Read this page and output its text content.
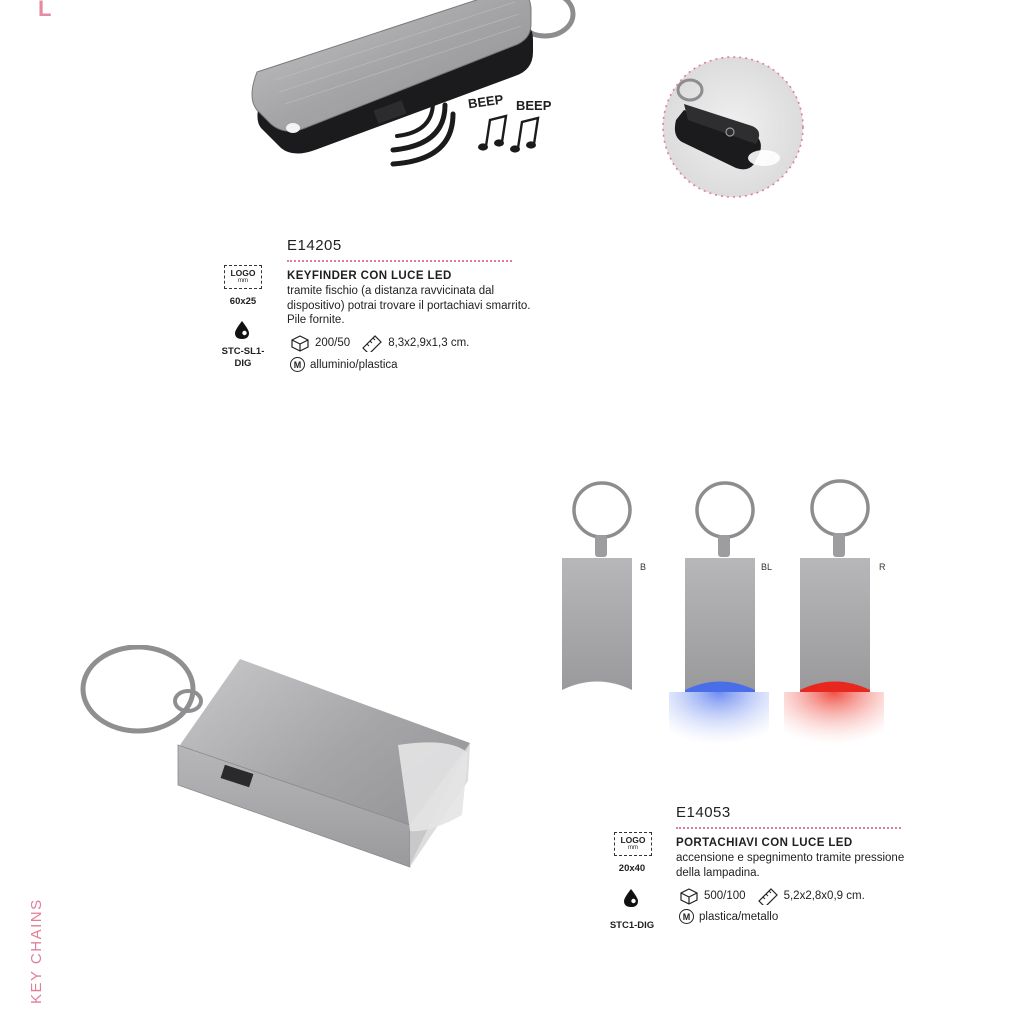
L
KEY CHAINS
BEEP BEEP
E14205
KEYFINDER CON LUCE LED
tramite fischio (a distanza ravvicinata dal dispositivo) potrai trovare il portachiavi smarrito. Pile fornite.
LOGO
mm
60x25
STC-SL1-DIG
200/50	8,3x2,9x1,3 cm.
M alluminio/plastica
B	BL	R
E14053
PORTACHIAVI CON LUCE LED
accensione e spegnimento tramite pressione della lampadina.
LOGO
mm
20x40
STC1-DIG
500/100	5,2x2,8x0,9 cm.
M plastica/metallo
